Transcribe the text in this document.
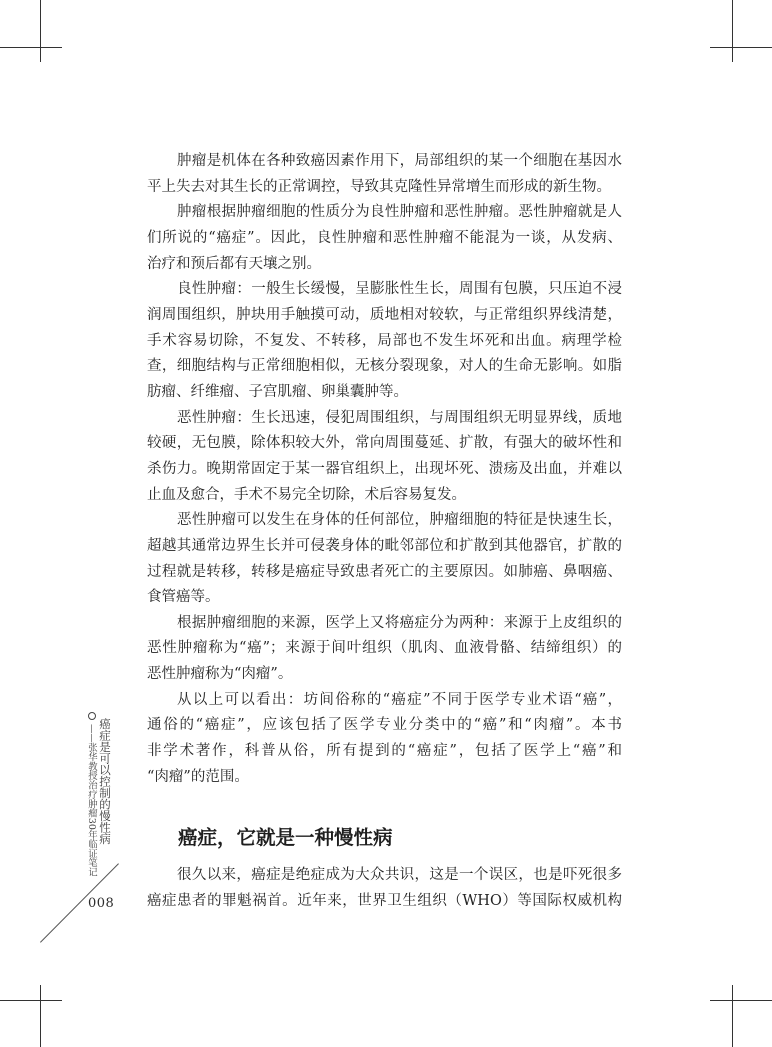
肿瘤是机体在各种致癌因素作用下，局部组织的某一个细胞在基因水
平上失去对其生长的正常调控，导致其克隆性异常增生而形成的新生物。
肿瘤根据肿瘤细胞的性质分为良性肿瘤和恶性肿瘤。恶性肿瘤就是人
们所说的“癌症”。因此，良性肿瘤和恶性肿瘤不能混为一谈，从发病、
治疗和预后都有天壤之别。
良性肿瘤：一般生长缓慢，呈膨胀性生长，周围有包膜，只压迫不浸
润周围组织，肿块用手触摸可动，质地相对较软，与正常组织界线清楚，
手术容易切除，不复发、不转移，局部也不发生坏死和出血。病理学检
查，细胞结构与正常细胞相似，无核分裂现象，对人的生命无影响。如脂
肪瘤、纤维瘤、子宫肌瘤、卵巢囊肿等。
恶性肿瘤：生长迅速，侵犯周围组织，与周围组织无明显界线，质地
较硬，无包膜，除体积较大外，常向周围蔓延、扩散，有强大的破坏性和
杀伤力。晚期常固定于某一器官组织上，出现坏死、溃疡及出血，并难以
止血及愈合，手术不易完全切除，术后容易复发。
恶性肿瘤可以发生在身体的任何部位，肿瘤细胞的特征是快速生长，
超越其通常边界生长并可侵袭身体的毗邻部位和扩散到其他器官，扩散的
过程就是转移，转移是癌症导致患者死亡的主要原因。如肺癌、鼻咽癌、
食管癌等。
根据肿瘤细胞的来源，医学上又将癌症分为两种：来源于上皮组织的
恶性肿瘤称为“癌”；来源于间叶组织（肌肉、血液骨骼、结缔组织）的
恶性肿瘤称为“肉瘤”。
从以上可以看出：坊间俗称的“癌症”不同于医学专业术语“癌”，
通俗的“癌症”，应该包括了医学专业分类中的“癌”和“肉瘤”。本书
非学术著作，科普从俗，所有提到的“癌症”，包括了医学上“癌”和
“肉瘤”的范围。
癌症，它就是一种慢性病
很久以来，癌症是绝症成为大众共识，这是一个误区，也是吓死很多
癌症患者的罪魁祸首。近年来，世界卫生组织（WHO）等国际权威机构
癌症是可以控制的慢性病
——张华教授治疗肿瘤30年临证笔记
008
